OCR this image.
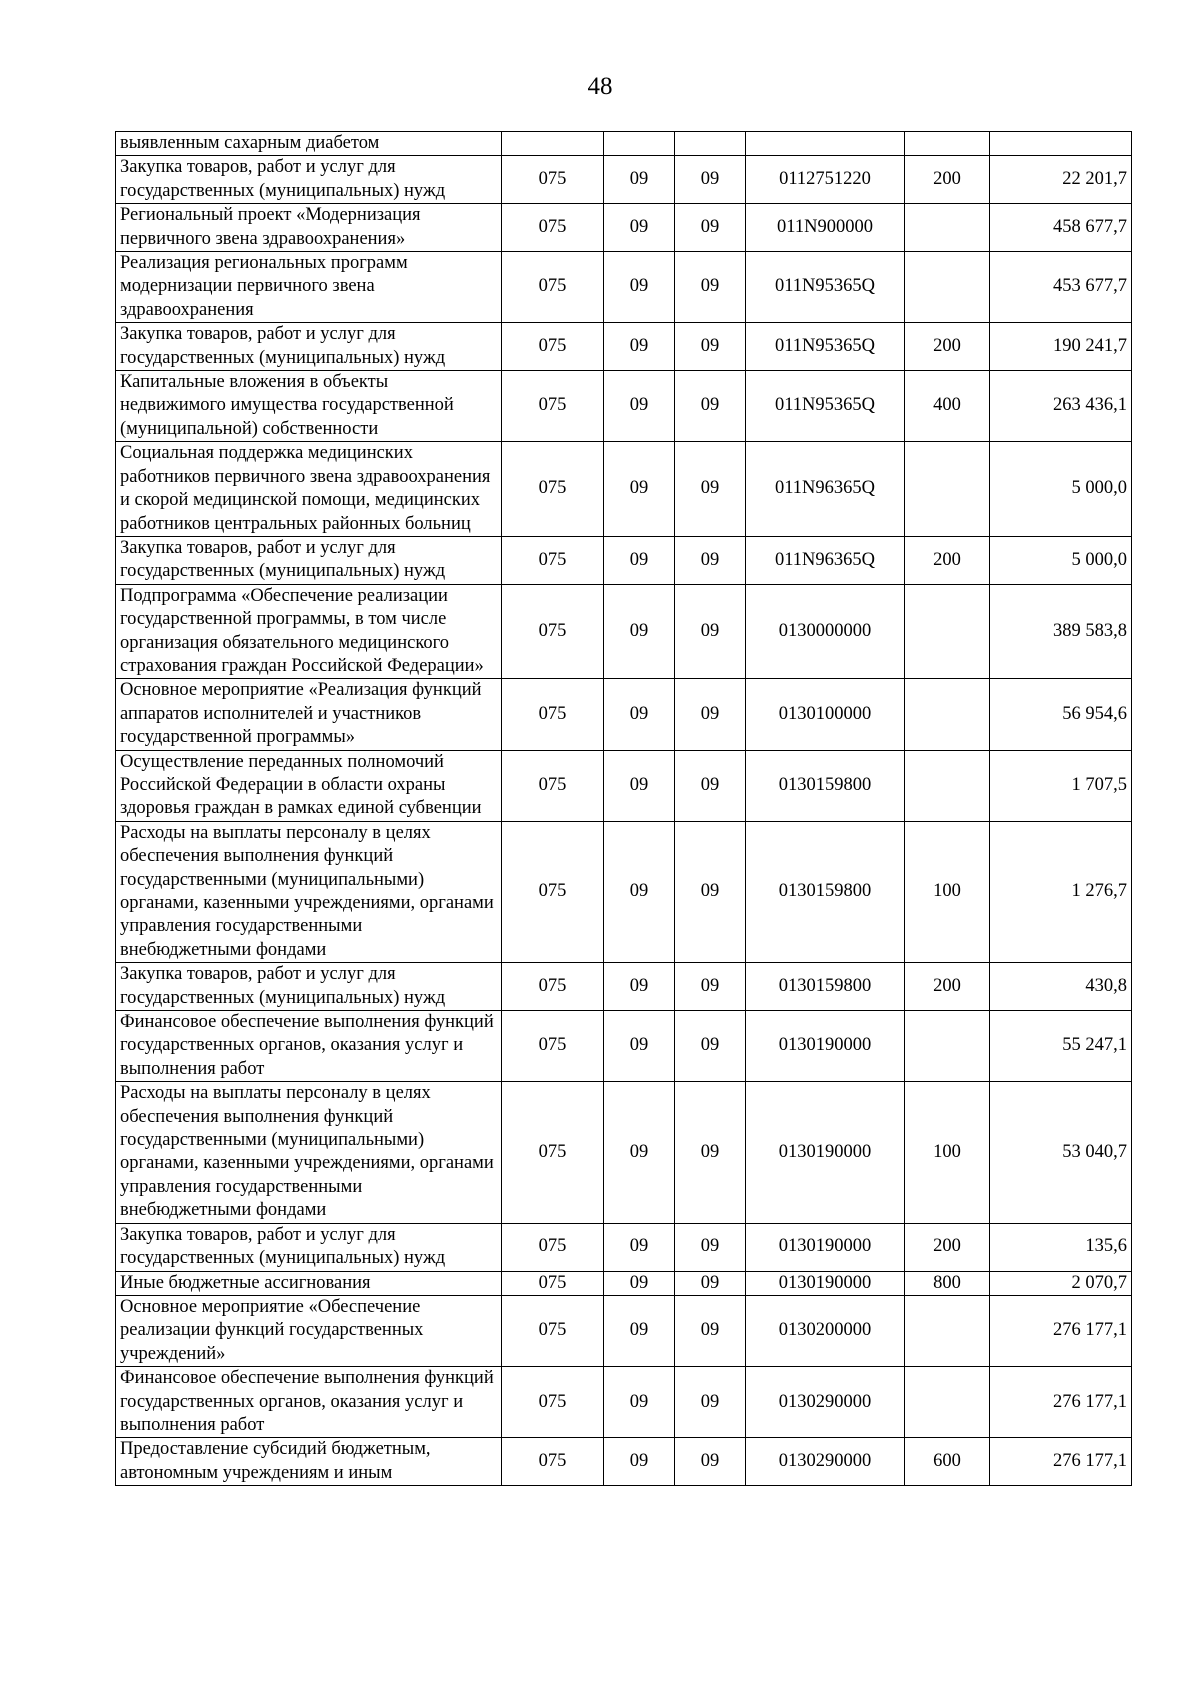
48
выявленным сахарным диабетом						
Закупка товаров, работ и услуг для государственных (муниципальных) нужд	075	09	09	0112751220	200	22 201,7
Региональный проект «Модернизация первичного звена здравоохранения»	075	09	09	011N900000		458 677,7
Реализация региональных программ модернизации первичного звена здравоохранения	075	09	09	011N95365Q		453 677,7
Закупка товаров, работ и услуг для государственных (муниципальных) нужд	075	09	09	011N95365Q	200	190 241,7
Капитальные вложения в объекты недвижимого имущества государственной (муниципальной) собственности	075	09	09	011N95365Q	400	263 436,1
Социальная поддержка медицинских работников первичного звена здравоохранения и скорой медицинской помощи, медицинских работников центральных районных больниц	075	09	09	011N96365Q		5 000,0
Закупка товаров, работ и услуг для государственных (муниципальных) нужд	075	09	09	011N96365Q	200	5 000,0
Подпрограмма «Обеспечение реализации государственной программы, в том числе организация обязательного медицинского страхования граждан Российской Федерации»	075	09	09	0130000000		389 583,8
Основное мероприятие «Реализация функций аппаратов исполнителей и участников государственной программы»	075	09	09	0130100000		56 954,6
Осуществление переданных полномочий Российской Федерации в области охраны здоровья граждан в рамках единой субвенции	075	09	09	0130159800		1 707,5
Расходы на выплаты персоналу в целях обеспечения выполнения функций государственными (муниципальными) органами, казенными учреждениями, органами управления государственными внебюджетными фондами	075	09	09	0130159800	100	1 276,7
Закупка товаров, работ и услуг для государственных (муниципальных) нужд	075	09	09	0130159800	200	430,8
Финансовое обеспечение выполнения функций государственных органов, оказания услуг и выполнения работ	075	09	09	0130190000		55 247,1
Расходы на выплаты персоналу в целях обеспечения выполнения функций государственными (муниципальными) органами, казенными учреждениями, органами управления государственными внебюджетными фондами	075	09	09	0130190000	100	53 040,7
Закупка товаров, работ и услуг для государственных (муниципальных) нужд	075	09	09	0130190000	200	135,6
Иные бюджетные ассигнования	075	09	09	0130190000	800	2 070,7
Основное мероприятие «Обеспечение реализации функций государственных учреждений»	075	09	09	0130200000		276 177,1
Финансовое обеспечение выполнения функций государственных органов, оказания услуг и выполнения работ	075	09	09	0130290000		276 177,1
Предоставление субсидий бюджетным, автономным учреждениям и иным	075	09	09	0130290000	600	276 177,1
